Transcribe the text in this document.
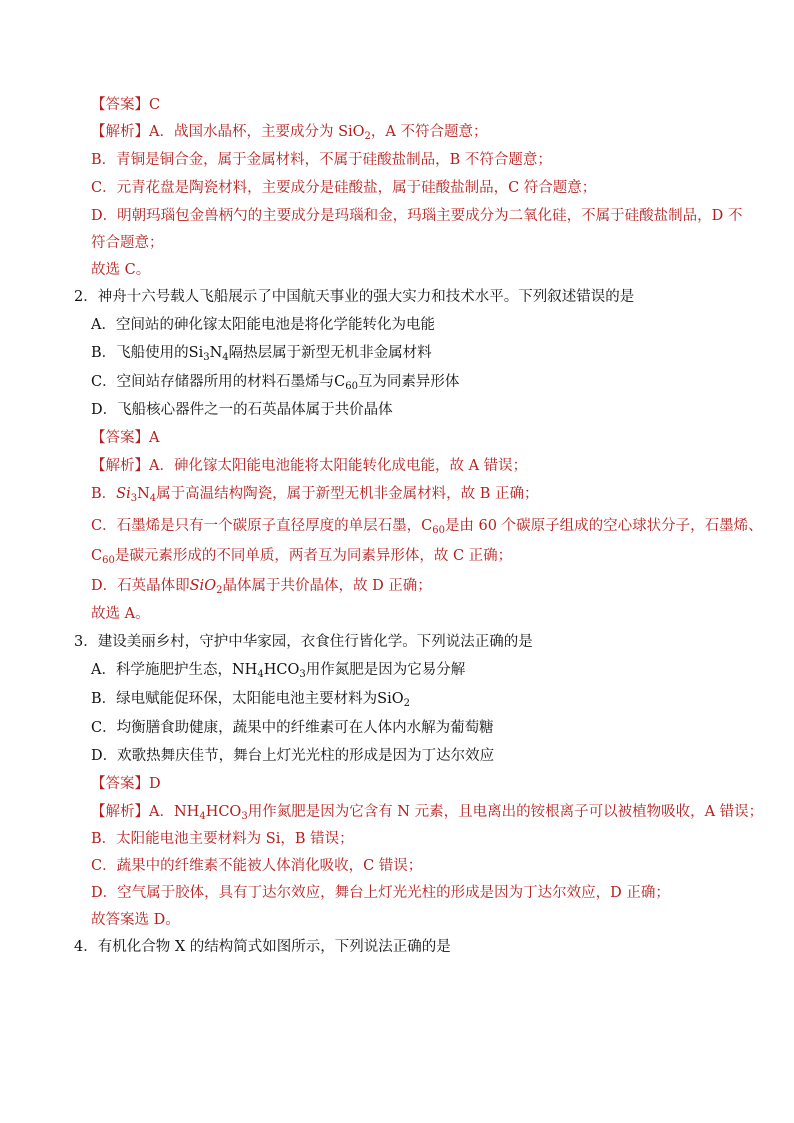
【答案】C
【解析】A．战国水晶杯，主要成分为 SiO$_2$，A 不符合题意；
B．青铜是铜合金，属于金属材料，不属于硅酸盐制品，B 不符合题意；
C．元青花盘是陶瓷材料，主要成分是硅酸盐，属于硅酸盐制品，C 符合题意；
D．明朝玛瑙包金兽柄勺的主要成分是玛瑙和金，玛瑙主要成分为二氧化硅，不属于硅酸盐制品，D 不
符合题意；
故选 C。
2．神舟十六号载人飞船展示了中国航天事业的强大实力和技术水平。下列叙述错误的是
A．空间站的砷化镓太阳能电池是将化学能转化为电能
B．飞船使用的$Si_3N_4$隔热层属于新型无机非金属材料
C．空间站存储器所用的材料石墨烯与$C_{60}$互为同素异形体
D．飞船核心器件之一的石英晶体属于共价晶体
【答案】A
【解析】A．砷化镓太阳能电池能将太阳能转化成电能，故 A 错误；
B．$Si_3N_4$属于高温结构陶瓷，属于新型无机非金属材料，故 B 正确；
C．石墨烯是只有一个碳原子直径厚度的单层石墨，$C_{60}$是由 60 个碳原子组成的空心球状分子，石墨烯、
$C_{60}$是碳元素形成的不同单质，两者互为同素异形体，故 C 正确；
D．石英晶体即SiO$_2$晶体属于共价晶体，故 D 正确；
故选 A。
3．建设美丽乡村，守护中华家园，衣食住行皆化学。下列说法正确的是
A．科学施肥护生态，$NH_4HCO_3$用作氮肥是因为它易分解
B．绿电赋能促环保，太阳能电池主要材料为SiO$_2$
C．均衡膳食助健康，蔬果中的纤维素可在人体内水解为葡萄糖
D．欢歌热舞庆佳节，舞台上灯光光柱的形成是因为丁达尔效应
【答案】D
【解析】A．$NH_4HCO_3$用作氮肥是因为它含有 N 元素，且电离出的铵根离子可以被植物吸收，A 错误；
B．太阳能电池主要材料为 Si，B 错误；
C．蔬果中的纤维素不能被人体消化吸收，C 错误；
D．空气属于胶体，具有丁达尔效应，舞台上灯光光柱的形成是因为丁达尔效应，D 正确；
故答案选 D。
4．有机化合物 X 的结构简式如图所示，下列说法正确的是
